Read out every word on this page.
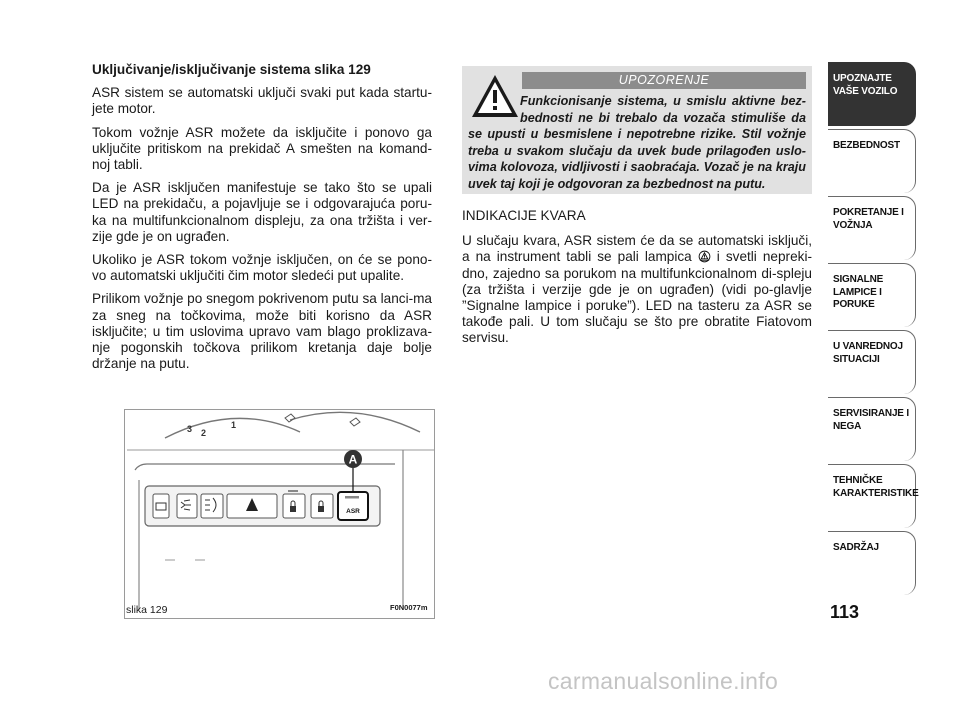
Uključivanje/isključivanje sistema slika 129

ASR sistem se automatski uključi svaki put kada startu-jete motor.

Tokom vožnje ASR možete da isključite i ponovo ga uključite pritiskom na prekidač A smešten na komand-noj tabli.

Da je ASR isključen manifestuje se tako što se upali LED na prekidaču, a pojavljuje se i odgovarajuća poru-ka na multifunkcionalnom displeju, za ona tržišta i ver-zije gde je on ugrađen.

Ukoliko je ASR tokom vožnje isključen, on će se pono-vo automatski uključiti čim motor sledeći put upalite.

Prilikom vožnje po snegom pokrivenom putu sa lanci-ma za sneg na točkovima, može biti korisno da ASR isključite; u tim uslovima upravo vam blago proklizava-nje pogonskih točkova prilikom kretanja daje bolje držanje na putu.

UPOZORENJE
Funkcionisanje sistema, u smislu aktivne bez-bednosti ne bi trebalo da vozača stimuliše da se upusti u besmislene i nepotrebne rizike. Stil vožnje treba u svakom slučaju da uvek bude prilagođen uslo-vima kolovoza, vidljivosti i saobraćaja. Vozač je na kraju uvek taj koji je odgovoran za bezbednost na putu.
INDIKACIJE KVARA

U slučaju kvara, ASR sistem će da se automatski isključi, a na instrument tabli se pali lampica i svetli nepreki-dno, zajedno sa porukom na multifunkcionalnom di-spleju (za tržišta i verzije gde je on ugrađen) (vidi po-glavlje ”Signalne lampice i poruke”). LED na tasteru za ASR se takođe pali. U tom slučaju se što pre obratite Fiatovom servisu.

3 2
1
ASR
A
slika 129	F0N0077m
UPOZNAJTE VAŠE VOZILO
BEZBEDNOST
POKRETANJE I VOŽNJA
SIGNALNE LAMPICE I PORUKE
U VANREDNOJ SITUACIJI
SERVISIRANJE I NEGA
TEHNIČKE KARAKTERISTIKE
SADRŽAJ
113
carmanualsonline.info
